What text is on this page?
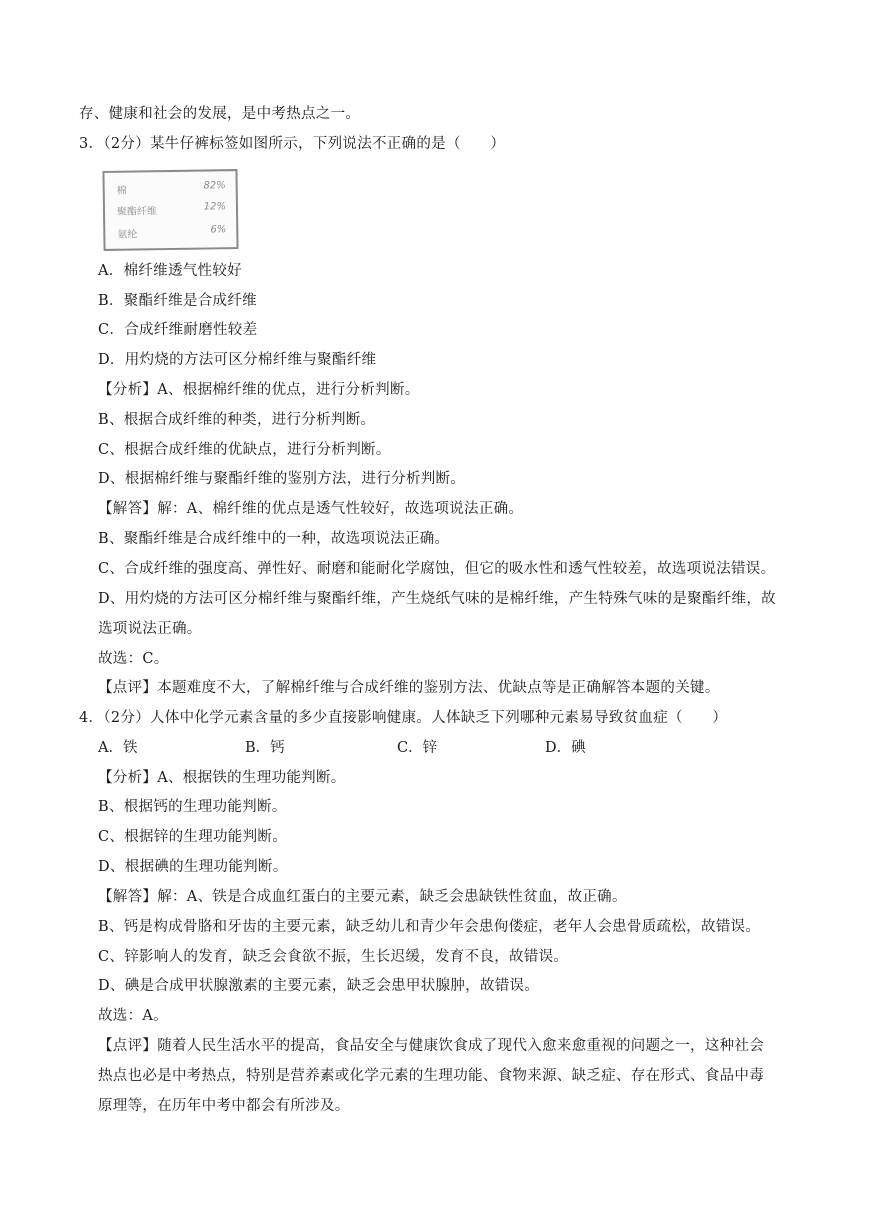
存、健康和社会的发展，是中考热点之一。
3．（2分）某牛仔裤标签如图所示，下列说法不正确的是（　　）
棉	82%
聚酯纤维	12%
氨纶	6%
A．棉纤维透气性较好
B．聚酯纤维是合成纤维
C．合成纤维耐磨性较差
D．用灼烧的方法可区分棉纤维与聚酯纤维
【分析】A、根据棉纤维的优点，进行分析判断。
B、根据合成纤维的种类，进行分析判断。
C、根据合成纤维的优缺点，进行分析判断。
D、根据棉纤维与聚酯纤维的鉴别方法，进行分析判断。
【解答】解：A、棉纤维的优点是透气性较好，故选项说法正确。
B、聚酯纤维是合成纤维中的一种，故选项说法正确。
C、合成纤维的强度高、弹性好、耐磨和能耐化学腐蚀，但它的吸水性和透气性较差，故选项说法错误。
D、用灼烧的方法可区分棉纤维与聚酯纤维，产生烧纸气味的是棉纤维，产生特殊气味的是聚酯纤维，故
选项说法正确。
故选：C。
【点评】本题难度不大，了解棉纤维与合成纤维的鉴别方法、优缺点等是正确解答本题的关键。
4．（2分）人体中化学元素含量的多少直接影响健康。人体缺乏下列哪种元素易导致贫血症（　　）
A．铁	B．钙	C．锌	D．碘
【分析】A、根据铁的生理功能判断。
B、根据钙的生理功能判断。
C、根据锌的生理功能判断。
D、根据碘的生理功能判断。
【解答】解：A、铁是合成血红蛋白的主要元素，缺乏会患缺铁性贫血，故正确。
B、钙是构成骨胳和牙齿的主要元素，缺乏幼儿和青少年会患佝偻症，老年人会患骨质疏松，故错误。
C、锌影响人的发育，缺乏会食欲不振，生长迟缓，发育不良，故错误。
D、碘是合成甲状腺激素的主要元素，缺乏会患甲状腺肿，故错误。
故选：A。
【点评】随着人民生活水平的提高，食品安全与健康饮食成了现代入愈来愈重视的问题之一，这种社会
热点也必是中考热点，特别是营养素或化学元素的生理功能、食物来源、缺乏症、存在形式、食品中毒
原理等，在历年中考中都会有所涉及。
